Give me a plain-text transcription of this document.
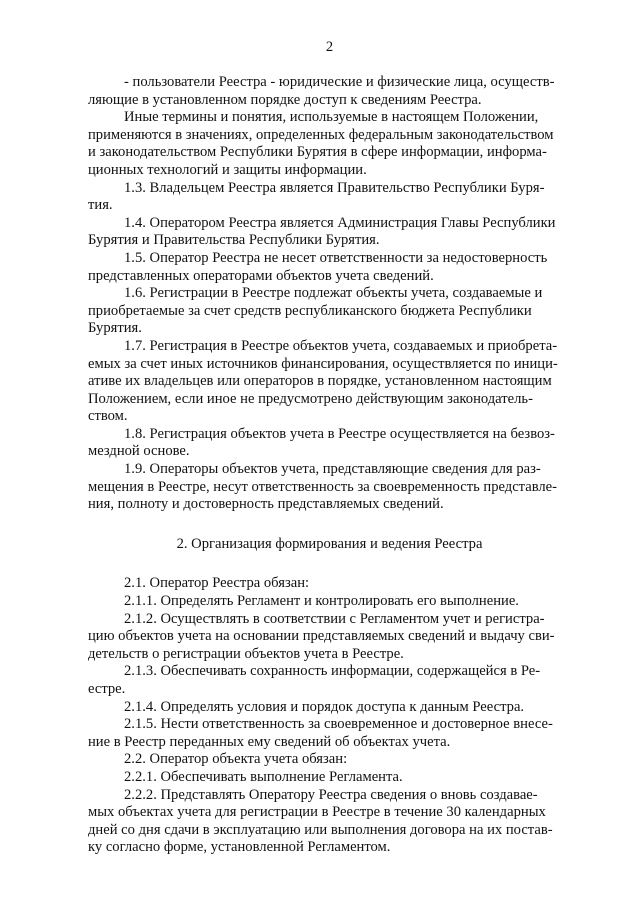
2

- пользователи Реестра - юридические и физические лица, осуществ-
ляющие в установленном порядке доступ к сведениям Реестра.

Иные термины и понятия, используемые в настоящем Положении,
применяются в значениях, определенных федеральным законодательством
и законодательством Республики Бурятия в сфере информации, информа-
ционных технологий и защиты информации.

1.3. Владельцем Реестра является Правительство Республики Буря-
тия.

1.4. Оператором Реестра является Администрация Главы Республики
Бурятия и Правительства Республики Бурятия.

1.5. Оператор Реестра не несет ответственности за недостоверность
представленных операторами объектов учета сведений.

1.6. Регистрации в Реестре подлежат объекты учета, создаваемые и
приобретаемые за счет средств республиканского бюджета Республики
Бурятия.

1.7. Регистрация в Реестре объектов учета, создаваемых и приобрета-
емых за счет иных источников финансирования, осуществляется по иници-
ативе их владельцев или операторов в порядке, установленном настоящим
Положением, если иное не предусмотрено действующим законодатель-
ством.

1.8. Регистрация объектов учета в Реестре осуществляется на безвоз-
мездной основе.

1.9. Операторы объектов учета, представляющие сведения для раз-
мещения в Реестре, несут ответственность за своевременность представле-
ния, полноту и достоверность представляемых сведений.

2. Организация формирования и ведения Реестра

2.1. Оператор Реестра обязан:

2.1.1. Определять Регламент и контролировать его выполнение.

2.1.2. Осуществлять в соответствии с Регламентом учет и регистра-
цию объектов учета на основании представляемых сведений и выдачу сви-
детельств о регистрации объектов учета в Реестре.

2.1.3. Обеспечивать сохранность информации, содержащейся в Ре-
естре.

2.1.4. Определять условия и порядок доступа к данным Реестра.

2.1.5. Нести ответственность за своевременное и достоверное внесе-
ние в Реестр переданных ему сведений об объектах учета.

2.2. Оператор объекта учета обязан:

2.2.1. Обеспечивать выполнение Регламента.

2.2.2. Представлять Оператору Реестра сведения о вновь создавае-
мых объектах учета для регистрации в Реестре в течение 30 календарных
дней со дня сдачи в эксплуатацию или выполнения договора на их постав-
ку согласно форме, установленной Регламентом.
